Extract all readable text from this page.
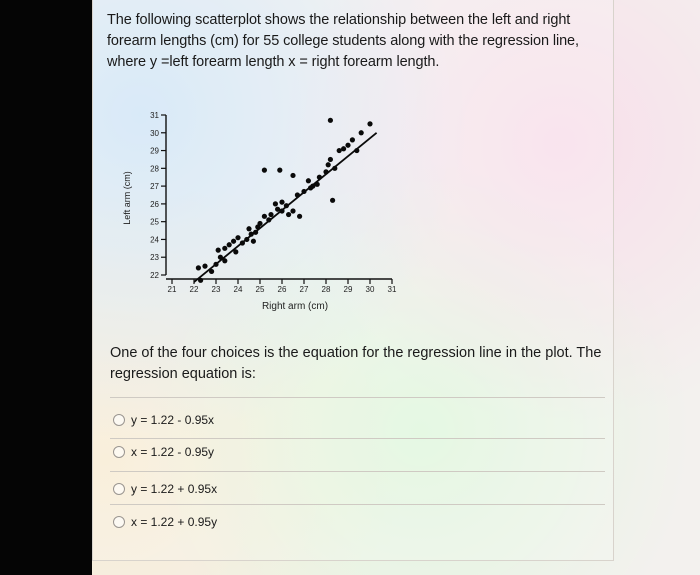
The following scatterplot shows the relationship between the left and right forearm lengths (cm) for 55 college students along with the regression line, where y =left forearm length x = right forearm length.
22
23
24
25
26
27
28
29
30
31
21 22 23 24 25 26 27 28 29 30 31
Left arm (cm)
Right arm (cm)
One of the four choices is the equation for the regression line in the plot. The regression equation is:
y = 1.22 - 0.95x
x = 1.22 - 0.95y
y = 1.22 + 0.95x
x = 1.22 + 0.95y
